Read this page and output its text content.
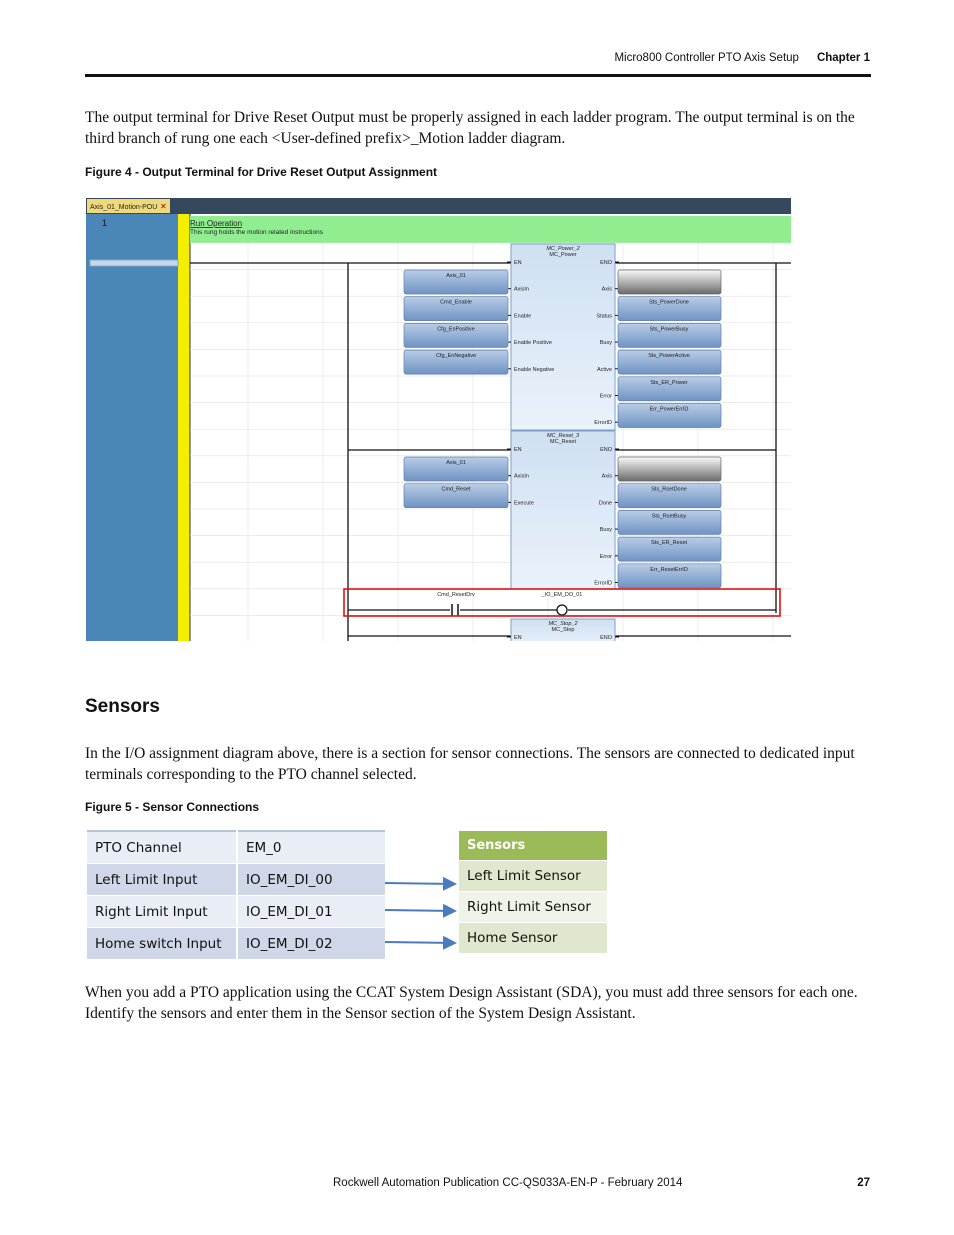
Micro800 Controller PTO Axis Setup Chapter 1

The output terminal for Drive Reset Output must be properly assigned in each ladder program. The output terminal is on the third branch of rung one each <User-defined prefix>_Motion ladder diagram.

Figure 4 - Output Terminal for Drive Reset Output Assignment
Axis_01_Motion-POU ✕
1	Run Operation
This rung holds the motion related instructions
MC_Power_2
MC_Power
EN
AxisIn
Enable
Enable Positive
Enable Negative
ENO
Axis
Status
Busy
Active
Error
ErrorID
Axis_01
Cmd_Enable
Cfg_EnPositive
Cfg_EnNegative
Sts_PowerDone
Sts_PowerBusy
Sts_PowerActive
Sts_ER_Power
Err_PowerErrID
MC_Reset_3
MC_Reset
EN
AxisIn
Execute
ENO
Axis
Done
Busy
Error
ErrorID
Axis_01
Cmd_Reset	Sts_RsetDone
Sts_RsetBusy
Sts_ER_Reset
Err_ResetErrID
MC_Stop_2
MC_Stop
EN	ENO
Cmd_ResetDrv	_IO_EM_DO_01
Sensors

In the I/O assignment diagram above, there is a section for sensor connections. The sensors are connected to dedicated input terminals corresponding to the PTO channel selected.

Figure 5 - Sensor Connections
PTO Channel	EM_0
Left Limit Input	IO_EM_DI_00
Right Limit Input	IO_EM_DI_01
Home switch Input	IO_EM_DI_02
Sensors
Left Limit Sensor
Right Limit Sensor
Home Sensor

When you add a PTO application using the CCAT System Design Assistant (SDA), you must add three sensors for each one. Identify the sensors and enter them in the Sensor section of the System Design Assistant.

Rockwell Automation Publication CC-QS033A-EN-P - February 2014	27
